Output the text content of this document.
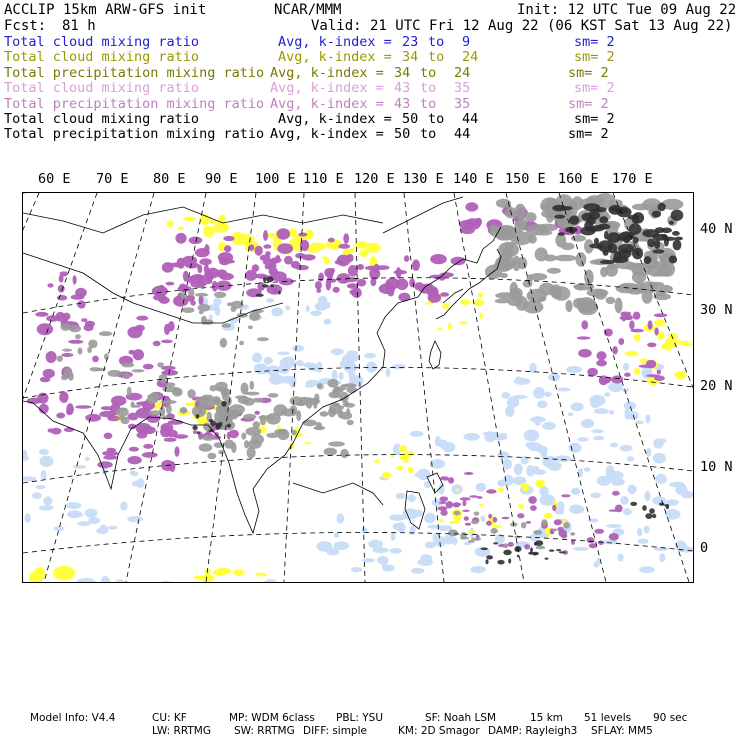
ACCLIP 15km ARW-GFS init	NCAR/MMM	Init: 12 UTC Tue 09 Aug 22
Fcst: 81 h	Valid: 21 UTC Fri 12 Aug 22 (06 KST Sat 13 Aug 22)
Total cloud mixing ratio	Avg, k-index = 23 to 9	sm= 2
Total cloud mixing ratio	Avg, k-index = 34 to 24	sm= 2
Total precipitation mixing ratio Avg, k-index = 34 to 24	sm= 2
Total cloud mixing ratio	Avg, k-index = 43 to 35	sm= 2
Total precipitation mixing ratio Avg, k-index = 43 to 35	sm= 2
Total cloud mixing ratio	Avg, k-index = 50 to 44	sm= 2
Total precipitation mixing ratio Avg, k-index = 50 to 44	sm= 2
60 E 70 E 80 E 90 E 100 E 110 E 120 E 130 E 140 E 150 E 160 E 170 E
40 N
30 N
20 N
10 N
0
Model Info: V4.4	CU: KF	MP: WDM 6class PBL: YSU	SF: Noah LSM	15 km 51 levels 90 sec
LW: RRTMG SW: RRTMG DIFF: simple	KM: 2D Smagor DAMP: Rayleigh3 SFLAY: MM5
